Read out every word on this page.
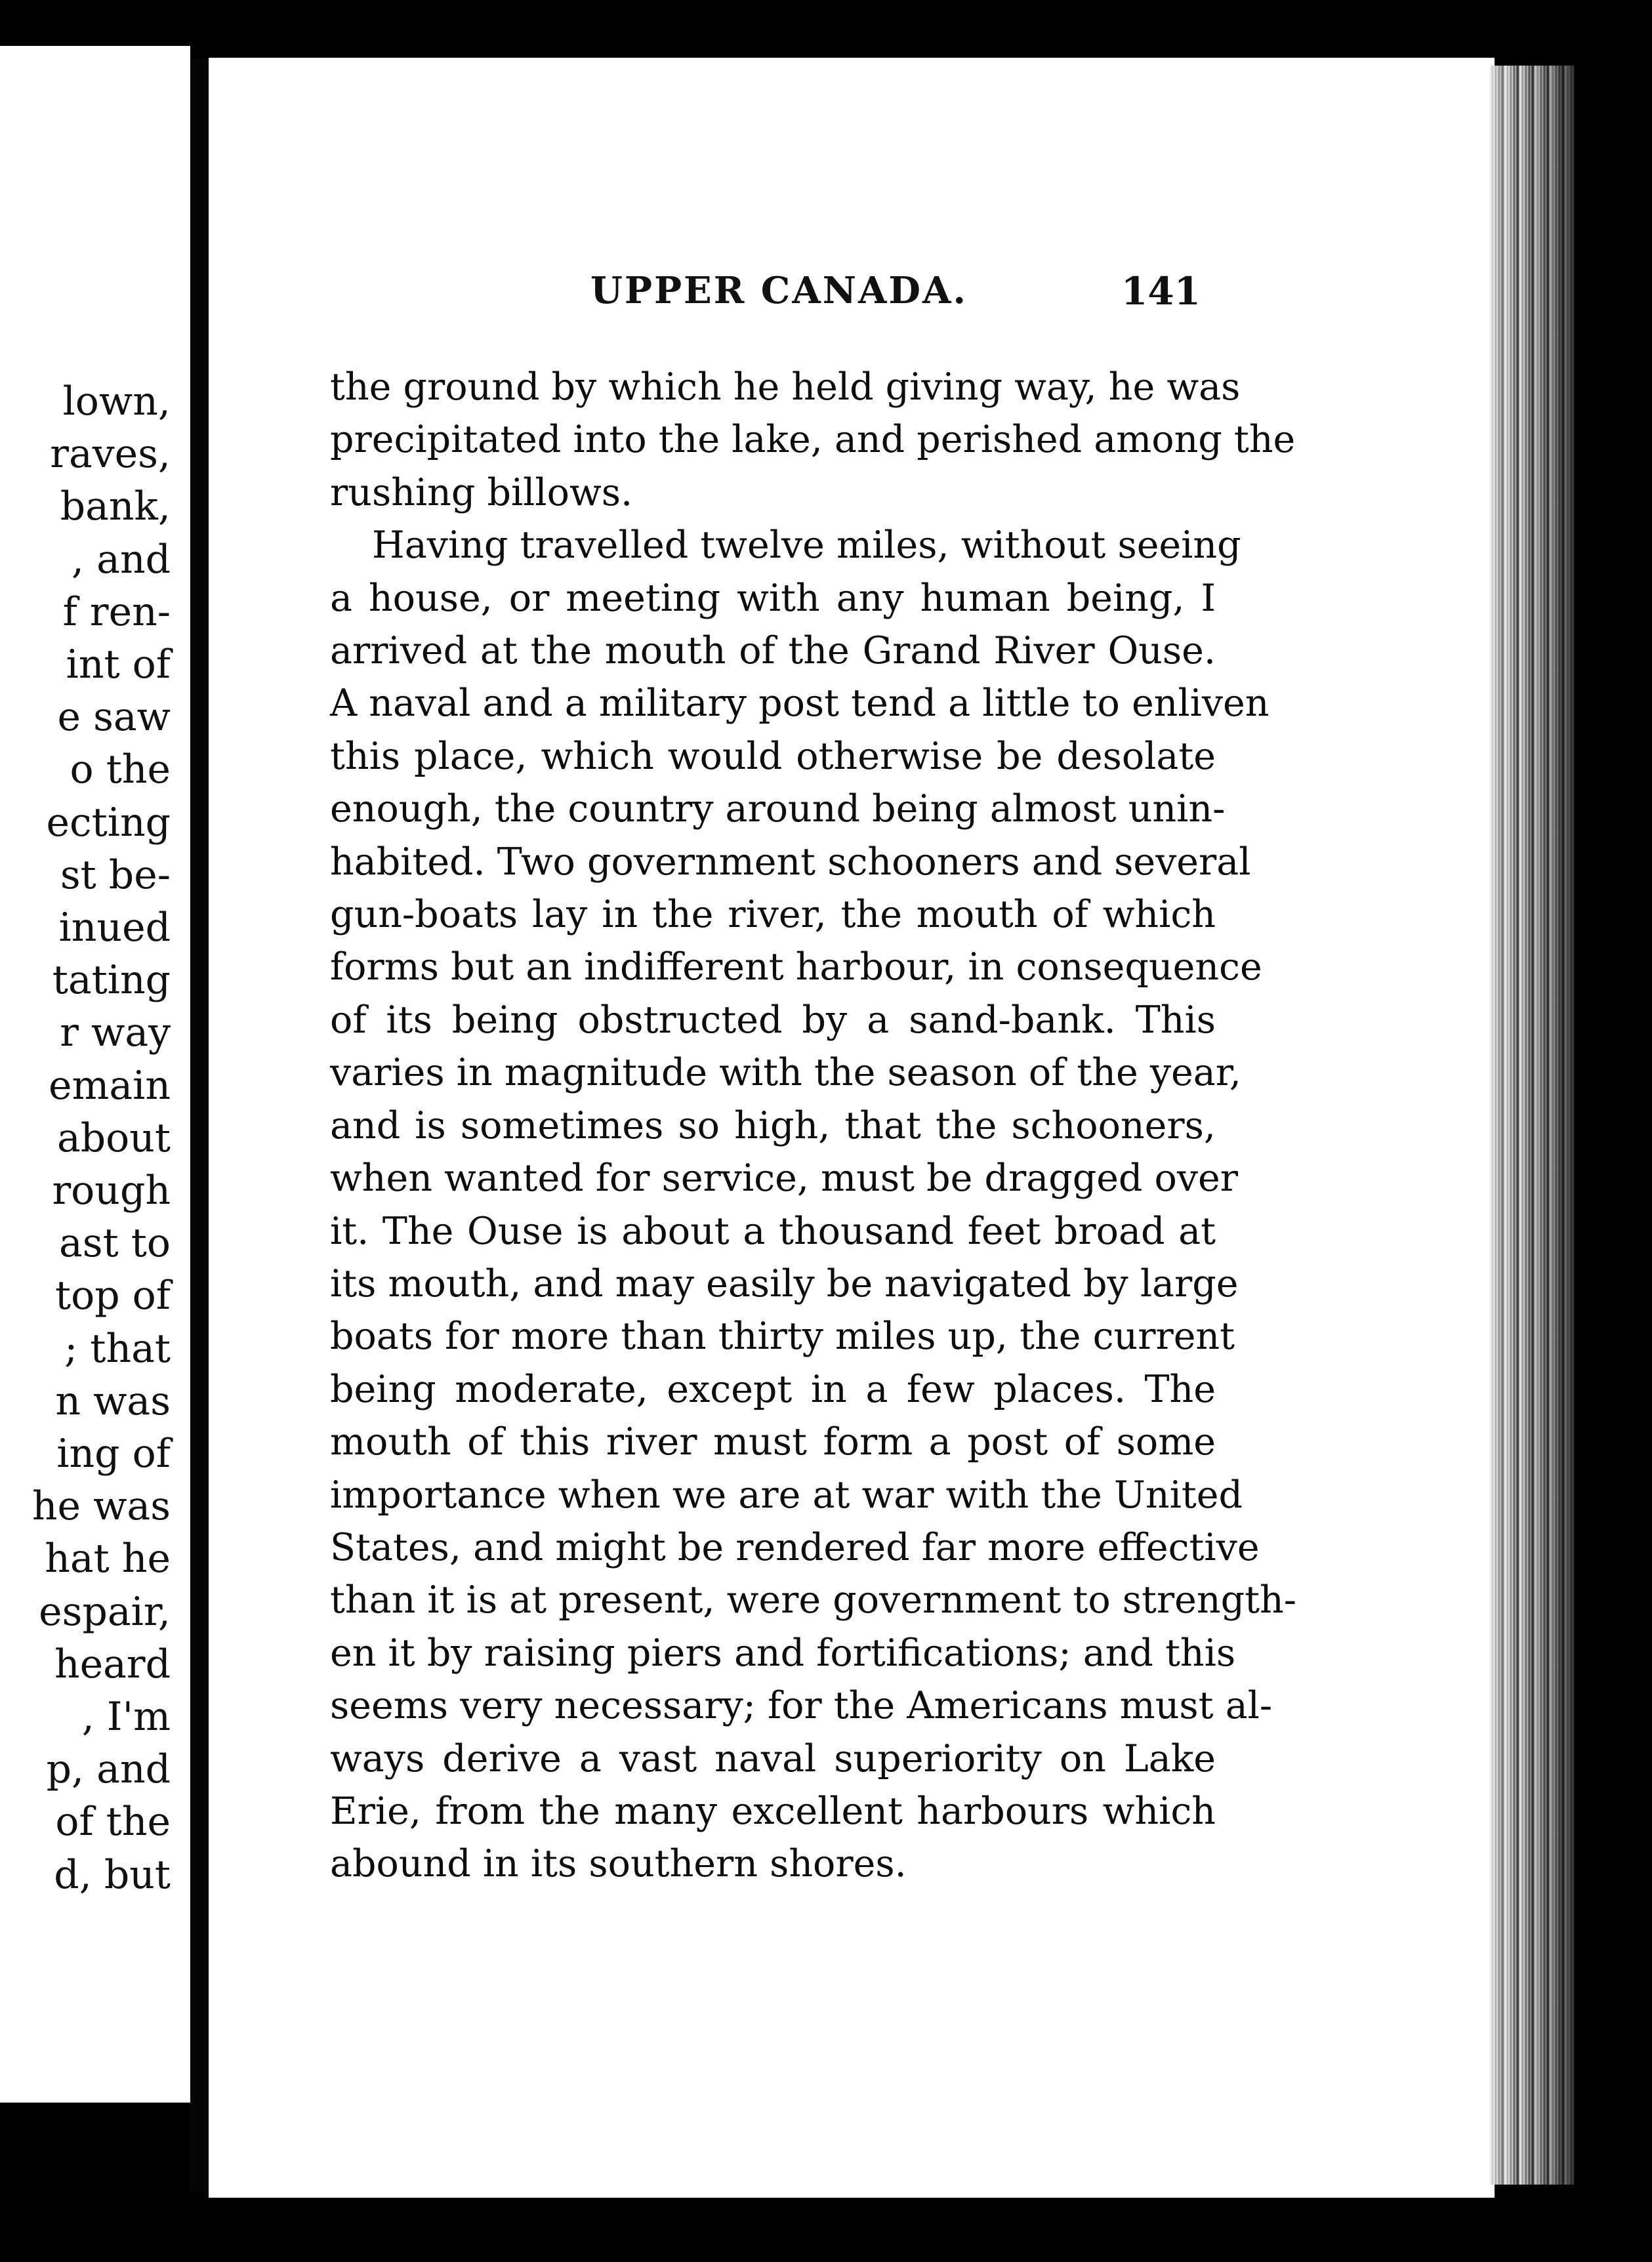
lown,
raves,
bank,
, and
f ren-
int of
e saw
o the
ecting
st be-
inued
tating
r way
emain
about
rough
ast to
top of
; that
n was
ing of
he was
hat he
espair,
heard
, I'm
p, and
of the
d, but
UPPER CANADA.	141
the ground by which he held giving way, he was
precipitated into the lake, and perished among the
rushing billows.
Having travelled twelve miles, without seeing
a house, or meeting with any human being, I
arrived at the mouth of the Grand River Ouse.
A naval and a military post tend a little to enliven
this place, which would otherwise be desolate
enough, the country around being almost unin-
habited. Two government schooners and several
gun-boats lay in the river, the mouth of which
forms but an indifferent harbour, in consequence
of its being obstructed by a sand-bank. This
varies in magnitude with the season of the year,
and is sometimes so high, that the schooners,
when wanted for service, must be dragged over
it. The Ouse is about a thousand feet broad at
its mouth, and may easily be navigated by large
boats for more than thirty miles up, the current
being moderate, except in a few places. The
mouth of this river must form a post of some
importance when we are at war with the United
States, and might be rendered far more effective
than it is at present, were government to strength-
en it by raising piers and fortifications; and this
seems very necessary; for the Americans must al-
ways derive a vast naval superiority on Lake
Erie, from the many excellent harbours which
abound in its southern shores.
